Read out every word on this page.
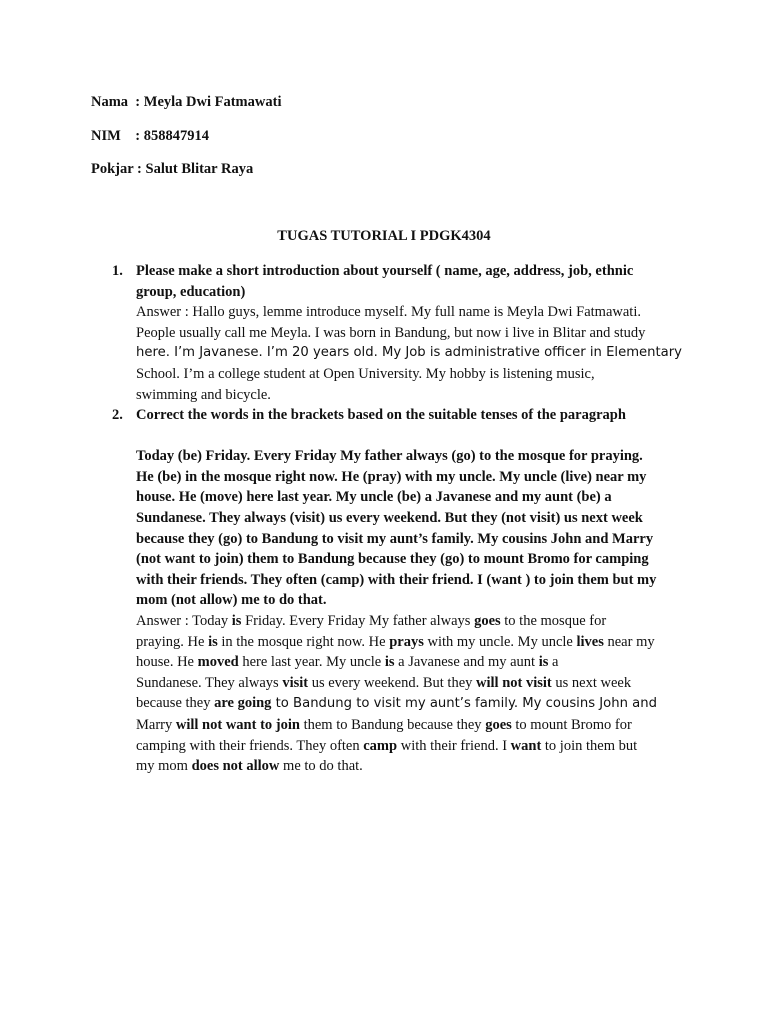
Nama  : Meyla Dwi Fatmawati
NIM    : 858847914
Pokjar : Salut Blitar Raya
TUGAS TUTORIAL I PDGK4304
1. Please make a short introduction about yourself ( name, age, address, job, ethnic
group, education)
Answer : Hallo guys, lemme introduce myself. My full name is Meyla Dwi Fatmawati.
People usually call me Meyla. I was born in Bandung, but now i live in Blitar and study
here. I’m Javanese. I’m 20 years old. My Job is administrative officer in Elementary
School. I’m a college student at Open University. My hobby is listening music,
swimming and bicycle.
2. Correct the words in the brackets based on the suitable tenses of the paragraph
Today (be) Friday. Every Friday My father always (go) to the mosque for praying.
He (be) in the mosque right now. He (pray) with my uncle. My uncle (live) near my
house. He (move) here last year. My uncle (be) a Javanese and my aunt (be) a
Sundanese. They always (visit) us every weekend. But they (not visit) us next week
because they (go) to Bandung to visit my aunt’s family. My cousins John and Marry
(not want to join) them to Bandung because they (go) to mount Bromo for camping
with their friends. They often (camp) with their friend. I (want ) to join them but my
mom (not allow) me to do that.
Answer : Today is Friday. Every Friday My father always goes to the mosque for
praying. He is in the mosque right now. He prays with my uncle. My uncle lives near my
house. He moved here last year. My uncle is a Javanese and my aunt is a
Sundanese. They always visit us every weekend. But they will not visit us next week
because they are going to Bandung to visit my aunt’s family. My cousins John and
Marry will not want to join them to Bandung because they goes to mount Bromo for
camping with their friends. They often camp with their friend. I want to join them but
my mom does not allow me to do that.
